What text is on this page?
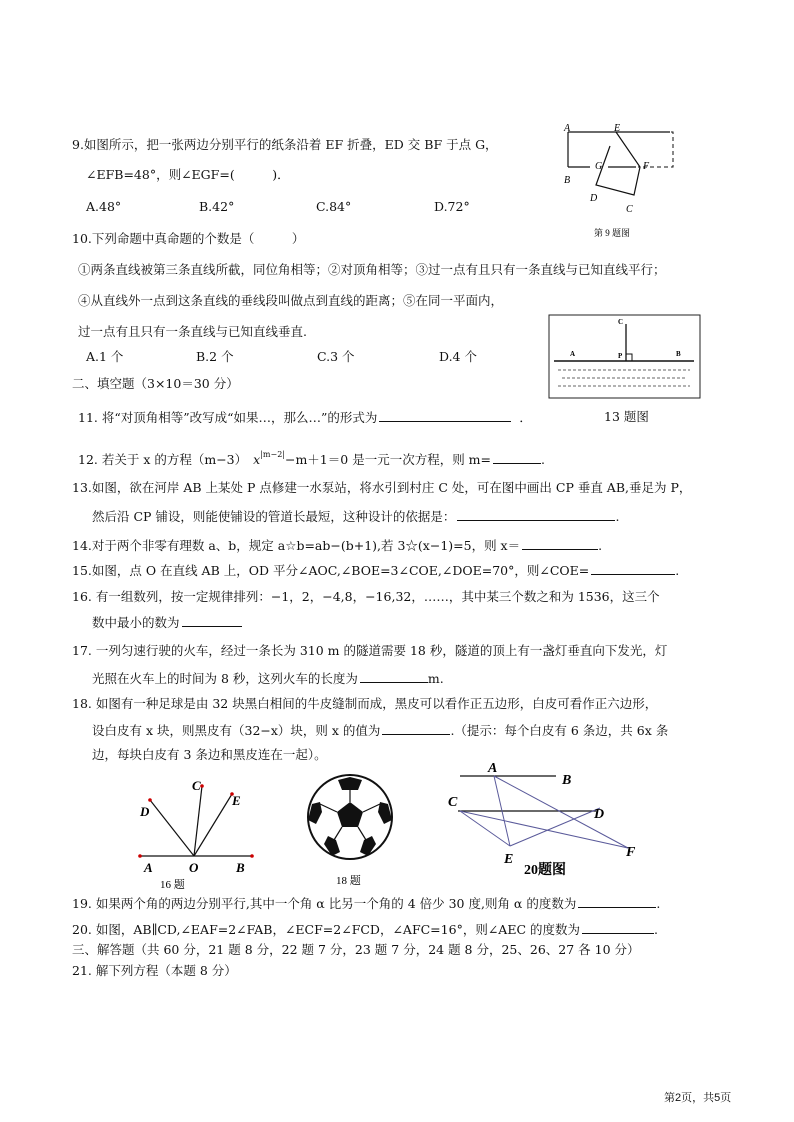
9.如图所示，把一张两边分别平行的纸条沿着 EF 折叠，ED 交 BF 于点 G，
∠EFB=48°，则∠EGF=(　　　)．
A.48°	B.42°	C.84°	D.72°
A	E
B
G	F
D
C
第 9 题图
10.下列命题中真命题的个数是（　　　）
①两条直线被第三条直线所截，同位角相等；②对顶角相等；③过一点有且只有一条直线与已知直线平行；
④从直线外一点到这条直线的垂线段叫做点到直线的距离；⑤在同一平面内，
过一点有且只有一条直线与已知直线垂直.
A.1 个	B.2 个	C.3 个	D.4 个
C
A	P	B
二、填空题（3×10＝30 分）
11. 将“对顶角相等”改写成“如果…，那么…”的形式为	．	13 题图
12. 若关于 x 的方程（m−3） $x^{|m-2|}-m+1=0$ 是一元一次方程，则 m=	.
13.如图，欲在河岸 AB 上某处 P 点修建一水泵站，将水引到村庄 C 处，可在图中画出 CP 垂直 AB,垂足为 P，
然后沿 CP 铺设，则能使铺设的管道长最短，这种设计的依据是：	.
14.对于两个非零有理数 a、b，规定 a☆b=ab−(b+1),若 3☆(x−1)=5，则 x＝	.
15.如图，点 O 在直线 AB 上，OD 平分∠AOC,∠BOE=3∠COE,∠DOE=70°，则∠COE=	.
16. 有一组数列，按一定规律排列：−1，2，−4,8，−16,32，……，其中某三个数之和为 1536，这三个
数中最小的数为
17. 一列匀速行驶的火车，经过一条长为 310 m 的隧道需要 18 秒，隧道的顶上有一盏灯垂直向下发光，灯
光照在火车上的时间为 8 秒，这列火车的长度为	m.
18. 如图有一种足球是由 32 块黑白相间的牛皮缝制而成，黑皮可以看作正五边形，白皮可看作正六边形，
设白皮有 x 块，则黑皮有（32−x）块，则 x 的值为	.（提示：每个白皮有 6 条边，共 6x 条
边，每块白皮有 3 条边和黑皮连在一起）。
C
E
D
A	O	B
16 题	18 题
A
B
C
D
E	F
20题图
19. 如果两个角的两边分别平行,其中一个角 α 比另一个角的 4 倍少 30 度,则角 α 的度数为	.
20. 如图，AB∥CD,∠EAF=2∠FAB，∠ECF=2∠FCD，∠AFC=16°，则∠AEC 的度数为	.
三、解答题（共 60 分，21 题 8 分，22 题 7 分，23 题 7 分，24 题 8 分，25、26、27 各 10 分）
21. 解下列方程（本题 8 分）
第2页，共5页
